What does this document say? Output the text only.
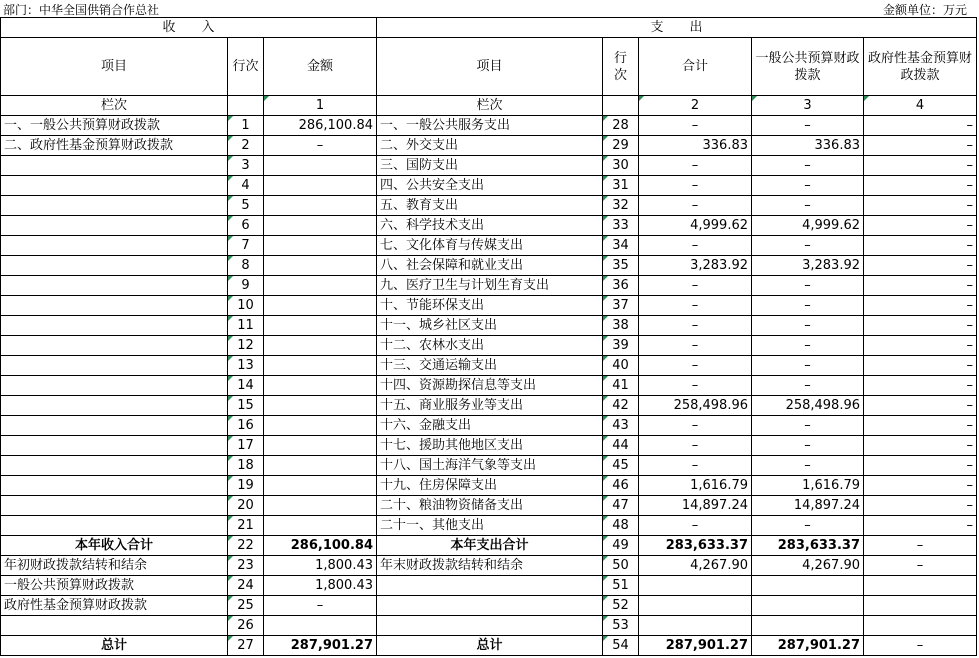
部门：中华全国供销合作总社	金额单位：万元
收　　入			支　　出				
项目	行次	金额	项目	行 次	合计	一般公共预算财政拨款	政府性基金预算财政拨款
栏次		1	栏次		2	3	4
一、一般公共预算财政拨款	1	286,100.84	一、一般公共服务支出	28	–	–	–
二、政府性基金预算财政拨款	2	–	二、外交支出	29	336.83	336.83	–
	3		三、国防支出	30	–	–	–
	4		四、公共安全支出	31	–	–	–
	5		五、教育支出	32	–	–	–
	6		六、科学技术支出	33	4,999.62	4,999.62	–
	7		七、文化体育与传媒支出	34	–	–	–
	8		八、社会保障和就业支出	35	3,283.92	3,283.92	–
	9		九、医疗卫生与计划生育支出	36	–	–	–
	10		十、节能环保支出	37	–	–	–
	11		十一、城乡社区支出	38	–	–	–
	12		十二、农林水支出	39	–	–	–
	13		十三、交通运输支出	40	–	–	–
	14		十四、资源勘探信息等支出	41	–	–	–
	15		十五、商业服务业等支出	42	258,498.96	258,498.96	–
	16		十六、金融支出	43	–	–	–
	17		十七、援助其他地区支出	44	–	–	–
	18		十八、国土海洋气象等支出	45	–	–	–
	19		十九、住房保障支出	46	1,616.79	1,616.79	–
	20		二十、粮油物资储备支出	47	14,897.24	14,897.24	–
	21		二十一、其他支出	48	–	–	–
本年收入合计	22	286,100.84	本年支出合计	49	283,633.37	283,633.37	–
年初财政拨款结转和结余	23	1,800.43	年末财政拨款结转和结余	50	4,267.90	4,267.90	–
一般公共预算财政拨款	24	1,800.43		51			
政府性基金预算财政拨款	25	–		52			
	26			53			
总计	27	287,901.27	总计	54	287,901.27	287,901.27	–
